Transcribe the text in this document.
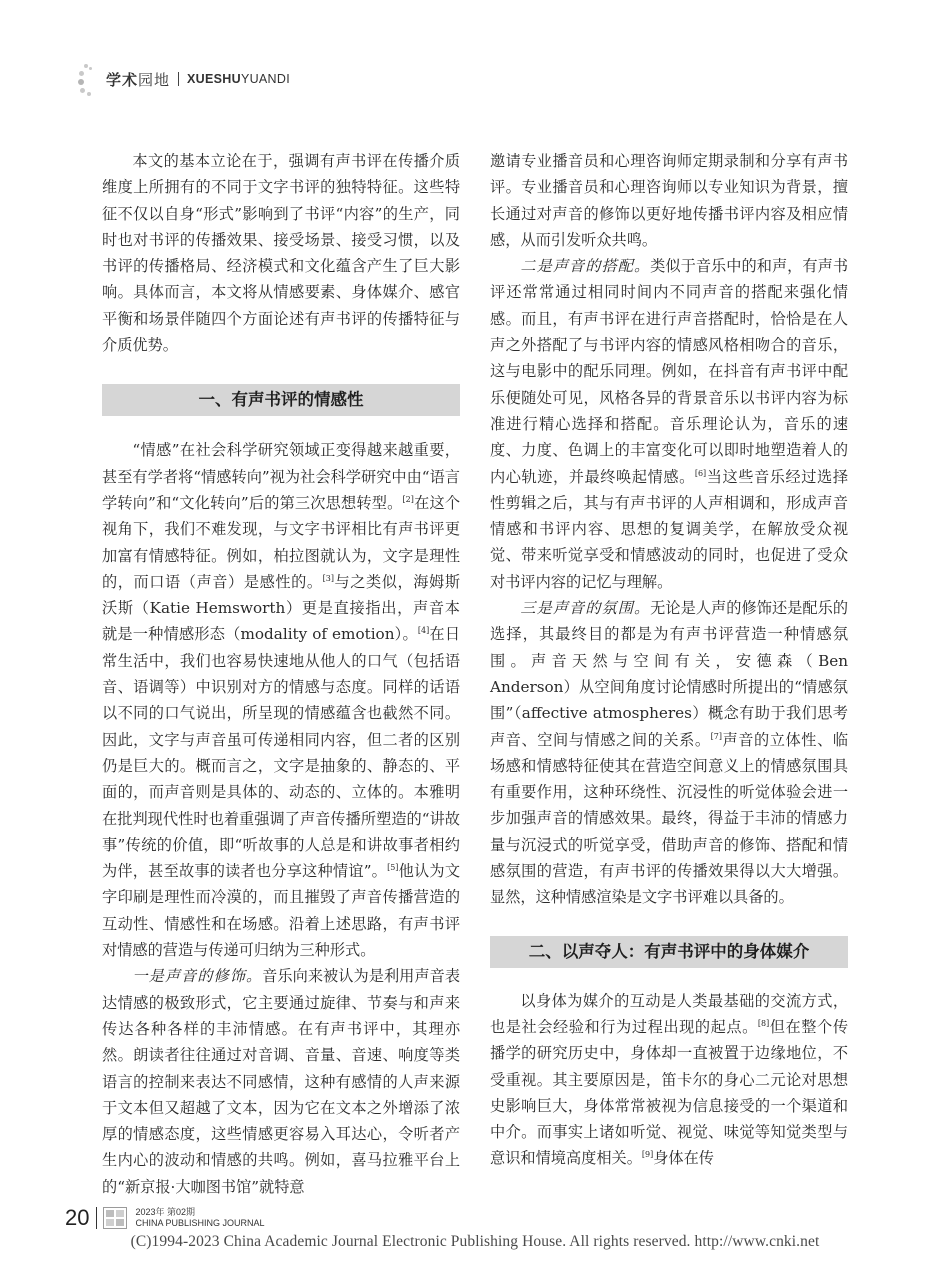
学术园地 XUESHUYUANDI

本文的基本立论在于，强调有声书评在传播介质维度上所拥有的不同于文字书评的独特特征。这些特征不仅以自身“形式”影响到了书评“内容”的生产，同时也对书评的传播效果、接受场景、接受习惯，以及书评的传播格局、经济模式和文化蕴含产生了巨大影响。具体而言，本文将从情感要素、身体媒介、感官平衡和场景伴随四个方面论述有声书评的传播特征与介质优势。

一、有声书评的情感性

“情感”在社会科学研究领域正变得越来越重要，甚至有学者将“情感转向”视为社会科学研究中由“语言学转向”和“文化转向”后的第三次思想转型。[2]在这个视角下，我们不难发现，与文字书评相比有声书评更加富有情感特征。例如，柏拉图就认为，文字是理性的，而口语（声音）是感性的。[3]与之类似，海姆斯沃斯（Katie Hemsworth）更是直接指出，声音本就是一种情感形态（modality of emotion）。[4]在日常生活中，我们也容易快速地从他人的口气（包括语音、语调等）中识别对方的情感与态度。同样的话语以不同的口气说出，所呈现的情感蕴含也截然不同。因此，文字与声音虽可传递相同内容，但二者的区别仍是巨大的。概而言之，文字是抽象的、静态的、平面的，而声音则是具体的、动态的、立体的。本雅明在批判现代性时也着重强调了声音传播所塑造的“讲故事”传统的价值，即“听故事的人总是和讲故事者相约为伴，甚至故事的读者也分享这种情谊”。[5]他认为文字印刷是理性而冷漠的，而且摧毁了声音传播营造的互动性、情感性和在场感。沿着上述思路，有声书评对情感的营造与传递可归纳为三种形式。

一是声音的修饰。音乐向来被认为是利用声音表达情感的极致形式，它主要通过旋律、节奏与和声来传达各种各样的丰沛情感。在有声书评中，其理亦然。朗读者往往通过对音调、音量、音速、响度等类语言的控制来表达不同感情，这种有感情的人声来源于文本但又超越了文本，因为它在文本之外增添了浓厚的情感态度，这些情感更容易入耳达心，令听者产生内心的波动和情感的共鸣。例如，喜马拉雅平台上的“新京报·大咖图书馆”就特意

邀请专业播音员和心理咨询师定期录制和分享有声书评。专业播音员和心理咨询师以专业知识为背景，擅长通过对声音的修饰以更好地传播书评内容及相应情感，从而引发听众共鸣。

二是声音的搭配。类似于音乐中的和声，有声书评还常常通过相同时间内不同声音的搭配来强化情感。而且，有声书评在进行声音搭配时，恰恰是在人声之外搭配了与书评内容的情感风格相吻合的音乐，这与电影中的配乐同理。例如，在抖音有声书评中配乐便随处可见，风格各异的背景音乐以书评内容为标准进行精心选择和搭配。音乐理论认为，音乐的速度、力度、色调上的丰富变化可以即时地塑造着人的内心轨迹，并最终唤起情感。[6]当这些音乐经过选择性剪辑之后，其与有声书评的人声相调和，形成声音情感和书评内容、思想的复调美学，在解放受众视觉、带来听觉享受和情感波动的同时，也促进了受众对书评内容的记忆与理解。

三是声音的氛围。无论是人声的修饰还是配乐的选择，其最终目的都是为有声书评营造一种情感氛围。声音天然与空间有关，安德森（Ben Anderson）从空间角度讨论情感时所提出的“情感氛围”（affective atmospheres）概念有助于我们思考声音、空间与情感之间的关系。[7]声音的立体性、临场感和情感特征使其在营造空间意义上的情感氛围具有重要作用，这种环绕性、沉浸性的听觉体验会进一步加强声音的情感效果。最终，得益于丰沛的情感力量与沉浸式的听觉享受，借助声音的修饰、搭配和情感氛围的营造，有声书评的传播效果得以大大增强。显然，这种情感渲染是文字书评难以具备的。

二、以声夺人：有声书评中的身体媒介

以身体为媒介的互动是人类最基础的交流方式，也是社会经验和行为过程出现的起点。[8]但在整个传播学的研究历史中，身体却一直被置于边缘地位，不受重视。其主要原因是，笛卡尔的身心二元论对思想史影响巨大，身体常常被视为信息接受的一个渠道和中介。而事实上诸如听觉、视觉、味觉等知觉类型与意识和情境高度相关。[9]身体在传

20	2023年 第02期
CHINA PUBLISHING JOURNAL
(C)1994-2023 China Academic Journal Electronic Publishing House. All rights reserved. http://www.cnki.net
